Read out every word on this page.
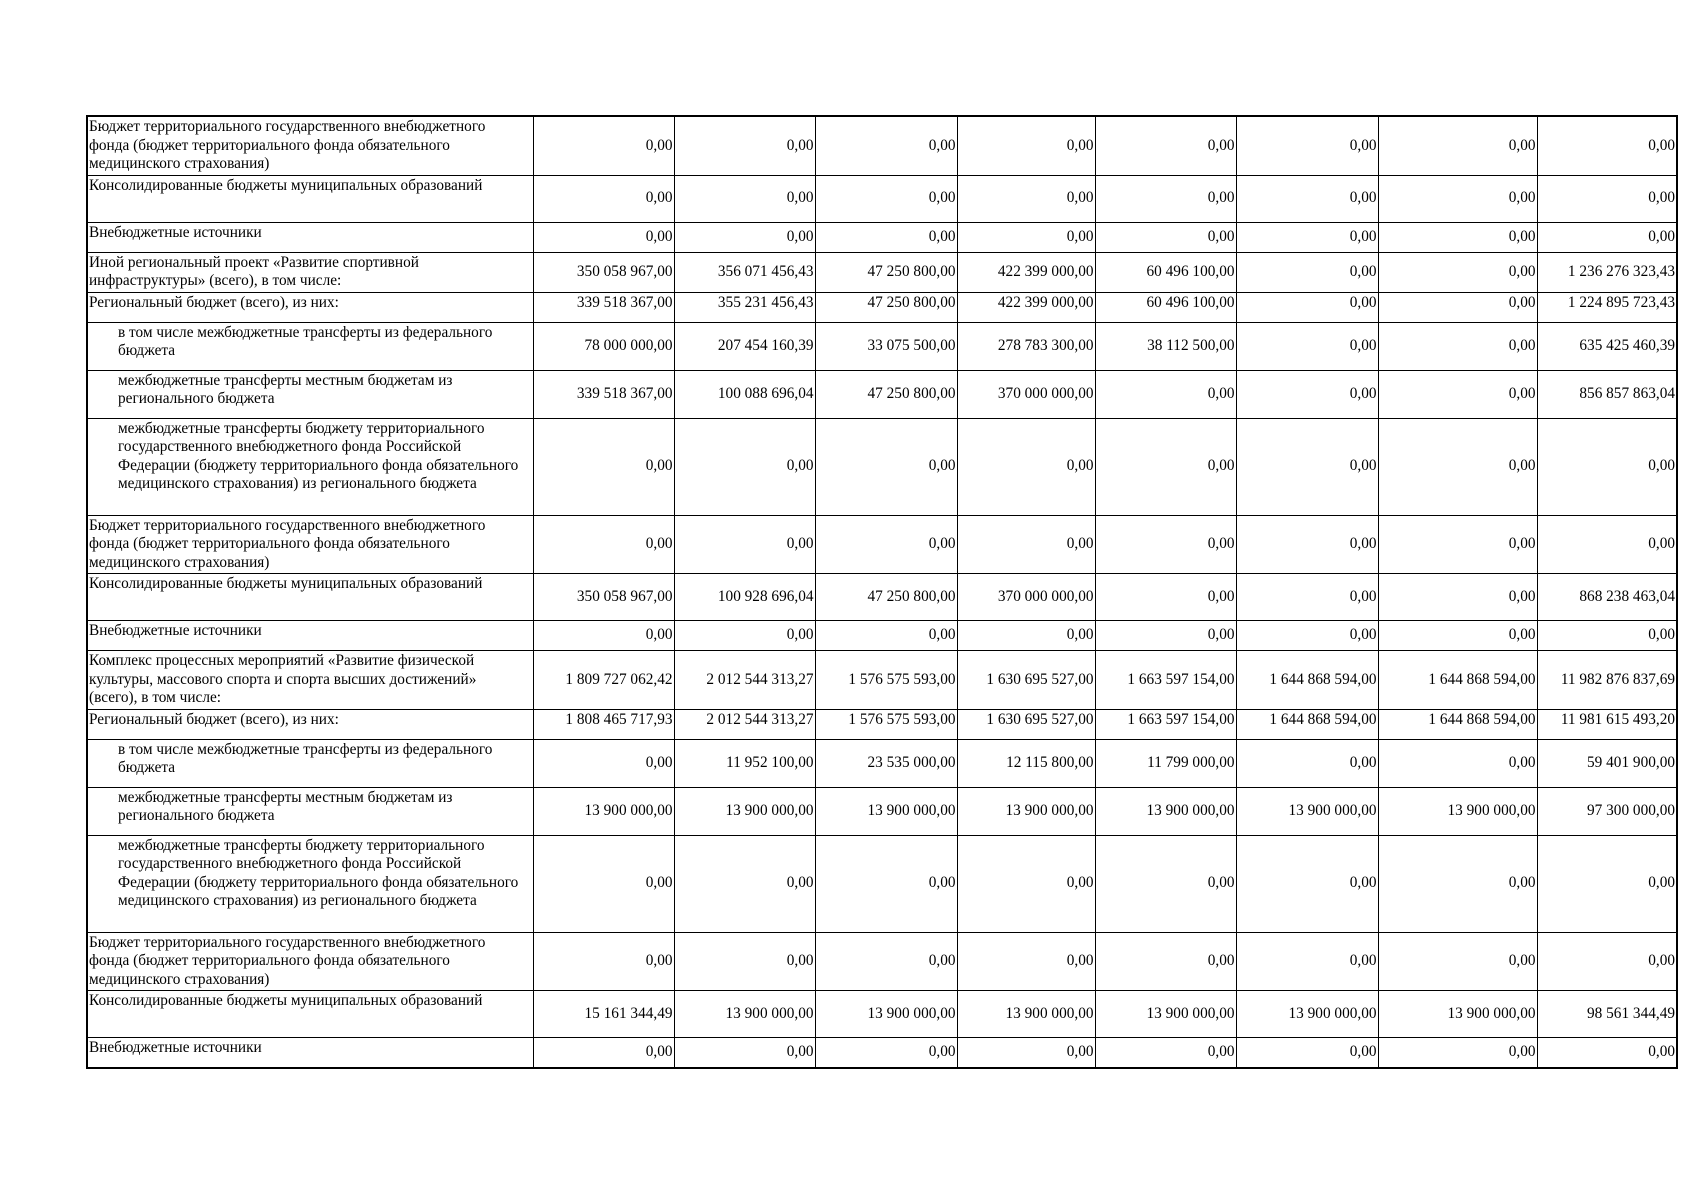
Бюджет территориального государственного внебюджетного фонда (бюджет территориального фонда обязательного медицинского страхования)	0,00	0,00	0,00	0,00	0,00	0,00	0,00	0,00
Консолидированные бюджеты муниципальных образований	0,00	0,00	0,00	0,00	0,00	0,00	0,00	0,00
Внебюджетные источники	0,00	0,00	0,00	0,00	0,00	0,00	0,00	0,00
Иной региональный проект «Развитие спортивной инфраструктуры» (всего), в том числе:	350 058 967,00	356 071 456,43	47 250 800,00	422 399 000,00	60 496 100,00	0,00	0,00	1 236 276 323,43
Региональный бюджет (всего), из них:	339 518 367,00	355 231 456,43	47 250 800,00	422 399 000,00	60 496 100,00	0,00	0,00	1 224 895 723,43
в том числе межбюджетные трансферты из федерального бюджета	78 000 000,00	207 454 160,39	33 075 500,00	278 783 300,00	38 112 500,00	0,00	0,00	635 425 460,39
межбюджетные трансферты местным бюджетам из регионального бюджета	339 518 367,00	100 088 696,04	47 250 800,00	370 000 000,00	0,00	0,00	0,00	856 857 863,04
межбюджетные трансферты бюджету территориального государственного внебюджетного фонда Российской Федерации (бюджету территориального фонда обязательного медицинского страхования) из регионального бюджета	0,00	0,00	0,00	0,00	0,00	0,00	0,00	0,00
Бюджет территориального государственного внебюджетного фонда (бюджет территориального фонда обязательного медицинского страхования)	0,00	0,00	0,00	0,00	0,00	0,00	0,00	0,00
Консолидированные бюджеты муниципальных образований	350 058 967,00	100 928 696,04	47 250 800,00	370 000 000,00	0,00	0,00	0,00	868 238 463,04
Внебюджетные источники	0,00	0,00	0,00	0,00	0,00	0,00	0,00	0,00
Комплекс процессных мероприятий «Развитие физической культуры, массового спорта и спорта высших достижений» (всего), в том числе:	1 809 727 062,42	2 012 544 313,27	1 576 575 593,00	1 630 695 527,00	1 663 597 154,00	1 644 868 594,00	1 644 868 594,00	11 982 876 837,69
Региональный бюджет (всего), из них:	1 808 465 717,93	2 012 544 313,27	1 576 575 593,00	1 630 695 527,00	1 663 597 154,00	1 644 868 594,00	1 644 868 594,00	11 981 615 493,20
в том числе межбюджетные трансферты из федерального бюджета	0,00	11 952 100,00	23 535 000,00	12 115 800,00	11 799 000,00	0,00	0,00	59 401 900,00
межбюджетные трансферты местным бюджетам из регионального бюджета	13 900 000,00	13 900 000,00	13 900 000,00	13 900 000,00	13 900 000,00	13 900 000,00	13 900 000,00	97 300 000,00
межбюджетные трансферты бюджету территориального государственного внебюджетного фонда Российской Федерации (бюджету территориального фонда обязательного медицинского страхования) из регионального бюджета	0,00	0,00	0,00	0,00	0,00	0,00	0,00	0,00
Бюджет территориального государственного внебюджетного фонда (бюджет территориального фонда обязательного медицинского страхования)	0,00	0,00	0,00	0,00	0,00	0,00	0,00	0,00
Консолидированные бюджеты муниципальных образований	15 161 344,49	13 900 000,00	13 900 000,00	13 900 000,00	13 900 000,00	13 900 000,00	13 900 000,00	98 561 344,49
Внебюджетные источники	0,00	0,00	0,00	0,00	0,00	0,00	0,00	0,00
